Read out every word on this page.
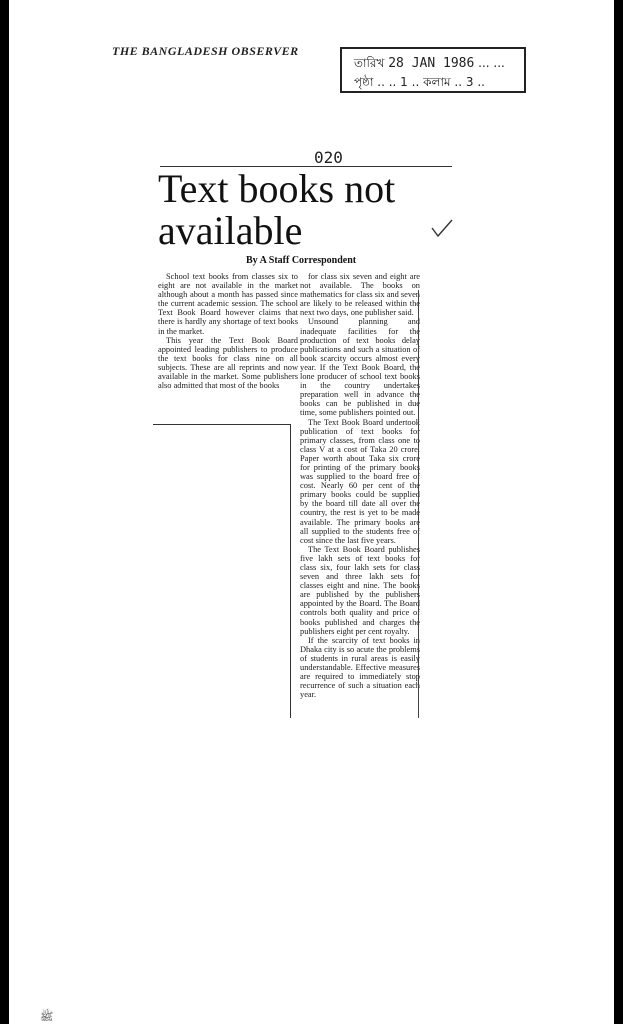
THE BANGLADESH OBSERVER
তারিখ 28 JAN 1986 ... ...
পৃষ্ঠা .. .. 1 .. কলাম .. 3 ..
020
Text books not available
By A Staff Correspondent

School text books from classes six to eight are not available in the market although about a month has passed since the current academic session. The school Text Book Board however claims that there is hardly any shortage of text books in the market.

This year the Text Book Board appointed leading publishers to produce the text books for class nine on all subjects. These are all reprints and now available in the market. Some publishers also admitted that most of the books

for class six seven and eight are not available. The books on mathematics for class six and seven are likely to be released within the next two days, one publisher said.

Unsound planning and inadequate facilities for the production of text books delay publications and such a situation of book scarcity occurs almost every year. If the Text Book Board, the lone producer of school text books in the country undertakes preparation well in advance the books can be published in due time, some publishers pointed out.

The Text Book Board undertook publication of text books for primary classes, from class one to class V at a cost of Taka 20 crore. Paper worth about Taka six crore for printing of the primary books was supplied to the board free of cost. Nearly 60 per cent of the primary books could be supplied by the board till date all over the country, the rest is yet to be made available. The primary books are all supplied to the students free of cost since the last five years.

The Text Book Board publishes five lakh sets of text books for class six, four lakh sets for class seven and three lakh sets for classes eight and nine. The books are published by the publishers appointed by the Board. The Board controls both quality and price of books published and charges the publishers eight per cent royalty.

If the scarcity of text books in Dhaka city is so acute the problems of students in rural areas is easily understandable. Effective measures are required to immediately stop recurrence of such a situation each year.

ﷺ
